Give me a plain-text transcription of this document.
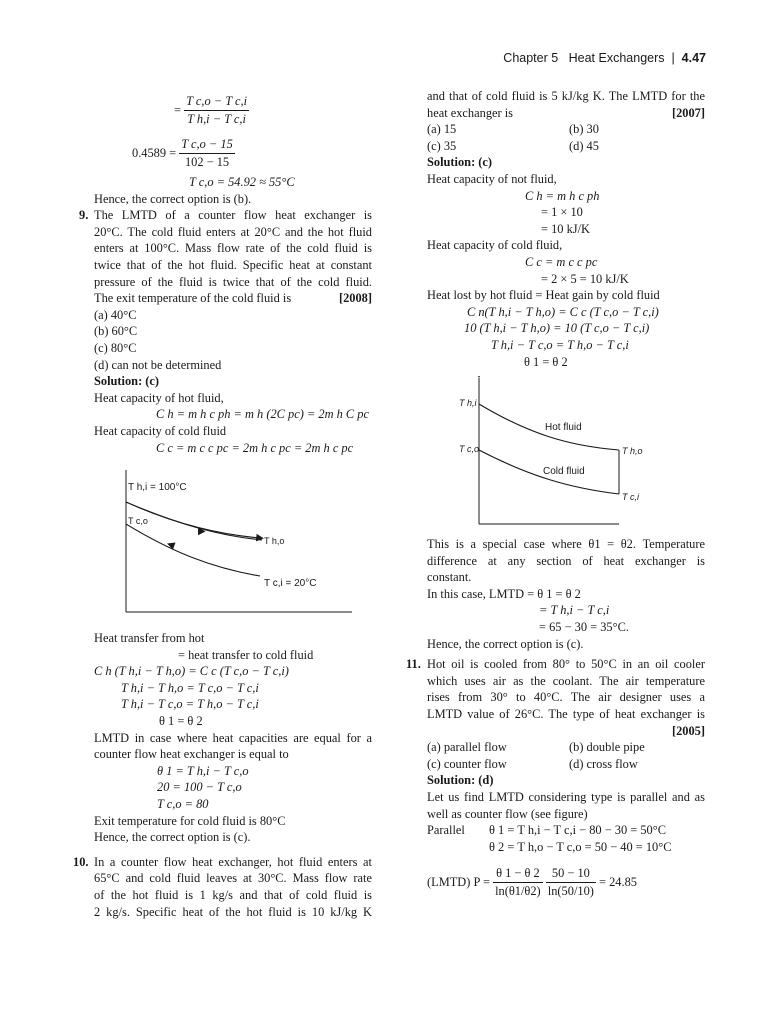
Chapter 5 Heat Exchangers  |  4.47
= $\frac{\text{T c,o − T c,i}}{\text{T h,i − T c,i}}$
0.4589 =
$\frac{\text{T c,o − 15}}{102 - 15}$
T c,o = 54.92 ≈ 55°C
Hence, the correct option is (b).
9. The LMTD of a counter flow heat exchanger is
20°C. The cold fluid enters at 20°C and the hot fluid
enters at 100°C. Mass flow rate of the cold fluid is
twice that of the hot fluid. Specific heat at constant
pressure of the fluid is twice that of the cold fluid.
The exit temperature of the cold fluid is	[2008]
(a) 40°C
(b) 60°C
(c) 80°C
(d) can not be determined
Solution: (c)
Heat capacity of hot fluid,
C h = m h c ph = m h (2C pc) = 2m h C pc
Heat capacity of cold fluid
C c = m c c pc = 2m h c pc = 2m h c pc
▶
▶
T h,i = 100°C
T c,o
T h,o
T c,i = 20°C
Heat transfer from hot
= heat transfer to cold fluid
C h (T h,i − T h,o) = C c (T c,o − T c,i)
T h,i − T h,o = T c,o − T c,i
T h,i − T c,o = T h,o − T c,i
θ 1 = θ 2
LMTD in case where heat capacities are equal for a
counter flow heat exchanger is equal to
θ 1 = T h,i − T c,o
20 = 100 − T c,o
T c,o = 80
Exit temperature for cold fluid is 80°C
Hence, the correct option is (c).
10. In a counter flow heat exchanger, hot fluid enters at
65°C and cold fluid leaves at 30°C. Mass flow rate
of the hot fluid is 1 kg/s and that of cold fluid is
2 kg/s. Specific heat of the hot fluid is 10 kJ/kg K
and that of cold fluid is 5 kJ/kg K. The LMTD for the
heat exchanger is	[2007]
(a) 15	(b) 30
(c) 35	(d) 45
Solution: (c)
Heat capacity of not fluid,
C h = m h c ph
= 1 × 10
= 10 kJ/K
Heat capacity of cold fluid,
C c = m c c pc
= 2 × 5 = 10 kJ/K
Heat lost by hot fluid = Heat gain by cold fluid
C n(T h,i − T h,o) = C c (T c,o − T c,i)
10 (T h,i − T h,o) = 10 (T c,o − T c,i)
T h,i − T c,o = T h,o − T c,i
θ 1 = θ 2
T h,i
T c,o
Hot fluid
Cold fluid
T h,o
T c,i
This is a special case where θ1 = θ2. Temperature
difference at any section of heat exchanger is
constant.
In this case, LMTD = θ 1 = θ 2
= T h,i − T c,i
= 65 − 30 = 35°C.
Hence, the correct option is (c).
11. Hot oil is cooled from 80° to 50°C in an oil cooler
which uses air as the coolant. The air temperature
rises from 30° to 40°C. The air designer uses a
LMTD value of 26°C. The type of heat exchanger is
[2005]
(a) parallel flow	(b) double pipe
(c) counter flow	(d) cross flow
Solution: (d)
Let us find LMTD considering type is parallel and as
well as counter flow (see figure)
Parallel θ 1 = T h,i − T c,i − 80 − 30 = 50°C
θ 2 = T h,o − T c,o = 50 − 40 = 10°C
(LMTD) P =
$\frac{\theta 1 - \theta 2}{\ln(\theta 1/\theta 2)}$
$\frac{50 - 10}{\ln(50/10)}$
= 24.85
